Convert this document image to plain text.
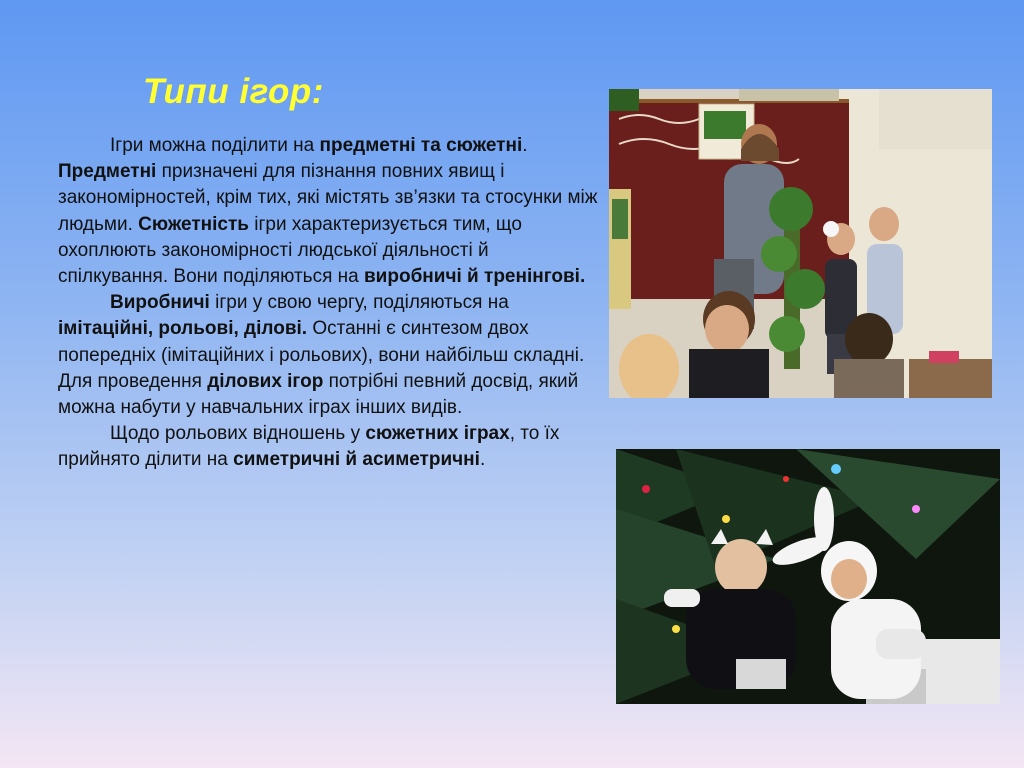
Типи ігор:

Ігри можна поділити на предметні та сюжетні. Предметні призначені для пізнання повних явищ і закономірностей, крім тих, які містять зв’язки та стосунки між людьми. Сюжетність ігри характеризується тим, що охоплюють закономірності людської діяльності й спілкування. Вони поділяються на виробничі й тренінгові.

Виробничі ігри у свою чергу, поділяються на імітаційні, рольові, ділові. Останні є синтезом двох попередніх (імітаційних і рольових), вони найбільш складні. Для проведення ділових ігор потрібні певний досвід, який можна набути у навчальних іграх інших видів.

Щодо рольових відношень у сюжетних іграх, то їх прийнято ділити на симетричні й асиметричні.
